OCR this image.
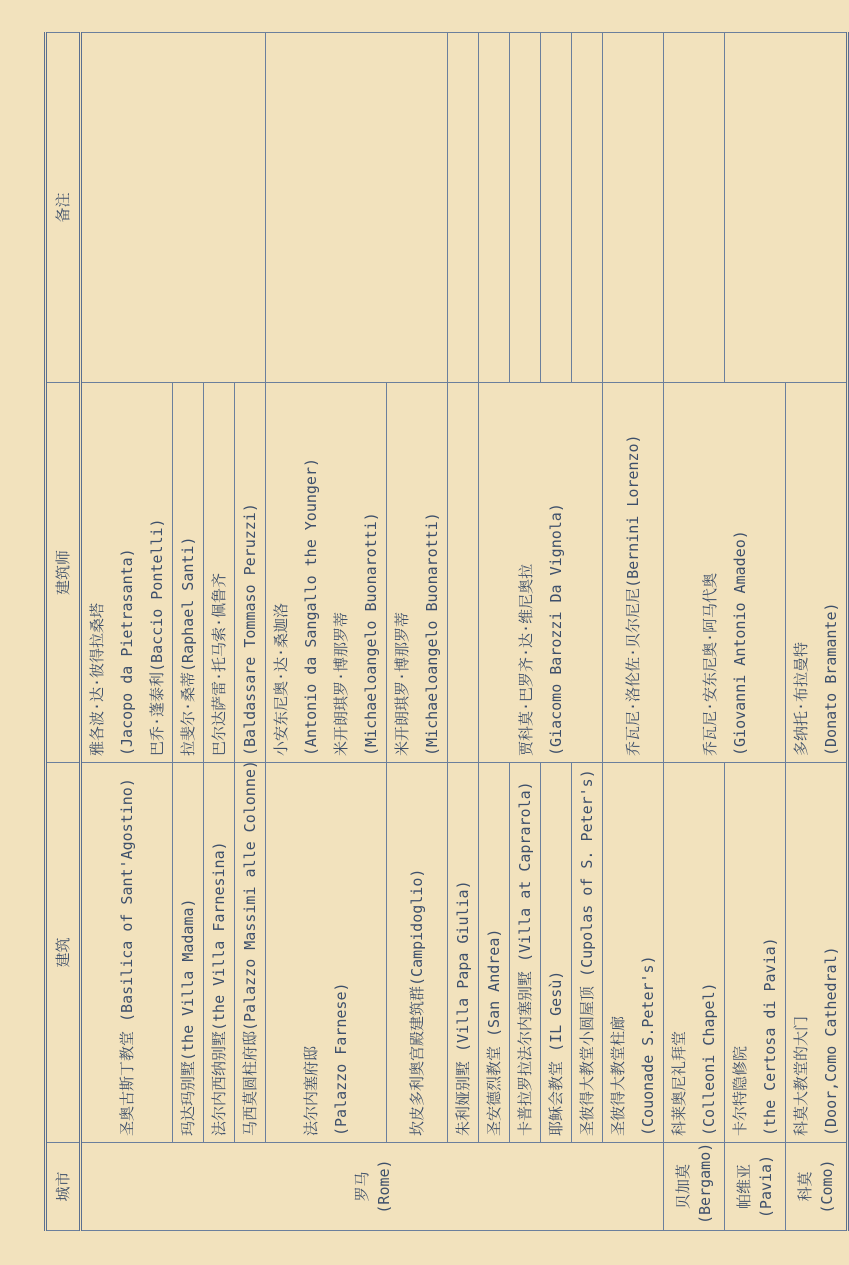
城市	建筑	建筑师	备注

罗马 (Rome)	圣奥古斯丁教堂 (Basilica of Sant'Agostino)	雅各波·达·彼得拉桑塔 (Jacopo da Pietrasanta) 巴乔·蓬泰利(Baccio Pontelli)	

	玛达玛别墅(the Villa Madama)	拉斐尔·桑蒂(Raphael Santi)	
	法尔内西纳别墅(the Villa Farnesina)	巴尔达萨雷·托马索·佩鲁齐	
	马西莫圆柱府邸(Palazzo Massimi alle Colonne)	(Baldassare Tommaso Peruzzi)	

	法尔内塞府邸 (Palazzo Farnese)	小安东尼奥·达·桑迦洛 (Antonio da Sangallo the Younger) 米开朗琪罗·博那罗蒂 (Michaeloangelo Buonarotti)	

	坎皮多利奥宫殿建筑群(Campidoglio)	米开朗琪罗·博那罗蒂 (Michaeloangelo Buonarotti)	

	朱利娅别墅 (Villa Papa Giulia)		
	圣安德烈教堂 (San Andrea)	贾科莫·巴罗齐·达·维尼奥拉 (Giacomo Barozzi Da Vignola)	

	卡普拉罗拉法尔内塞别墅 (Villa at Caprarola)		
	耶稣会教堂 (IL Gesù)		
	圣彼得大教堂小圆屋顶 (Cupolas of S. Peter's)		

	圣彼得大教堂柱廊 (Couonade S.Peter's)	乔瓦尼·洛伦佐·贝尔尼尼(Bernini Lorenzo)	

贝加莫 (Bergamo)	科莱奥尼礼拜堂 (Colleoni Chapel)	乔瓦尼·安东尼奥·阿马代奥 (Giovanni Antonio Amadeo)	

帕维亚 (Pavia)	卡尔特隐修院 (the Certosa di Pavia)		

科莫 (Como)	科莫大教堂的大门 (Door,Como Cathedral)	多纳托·布拉曼特 (Donato Bramante)	
